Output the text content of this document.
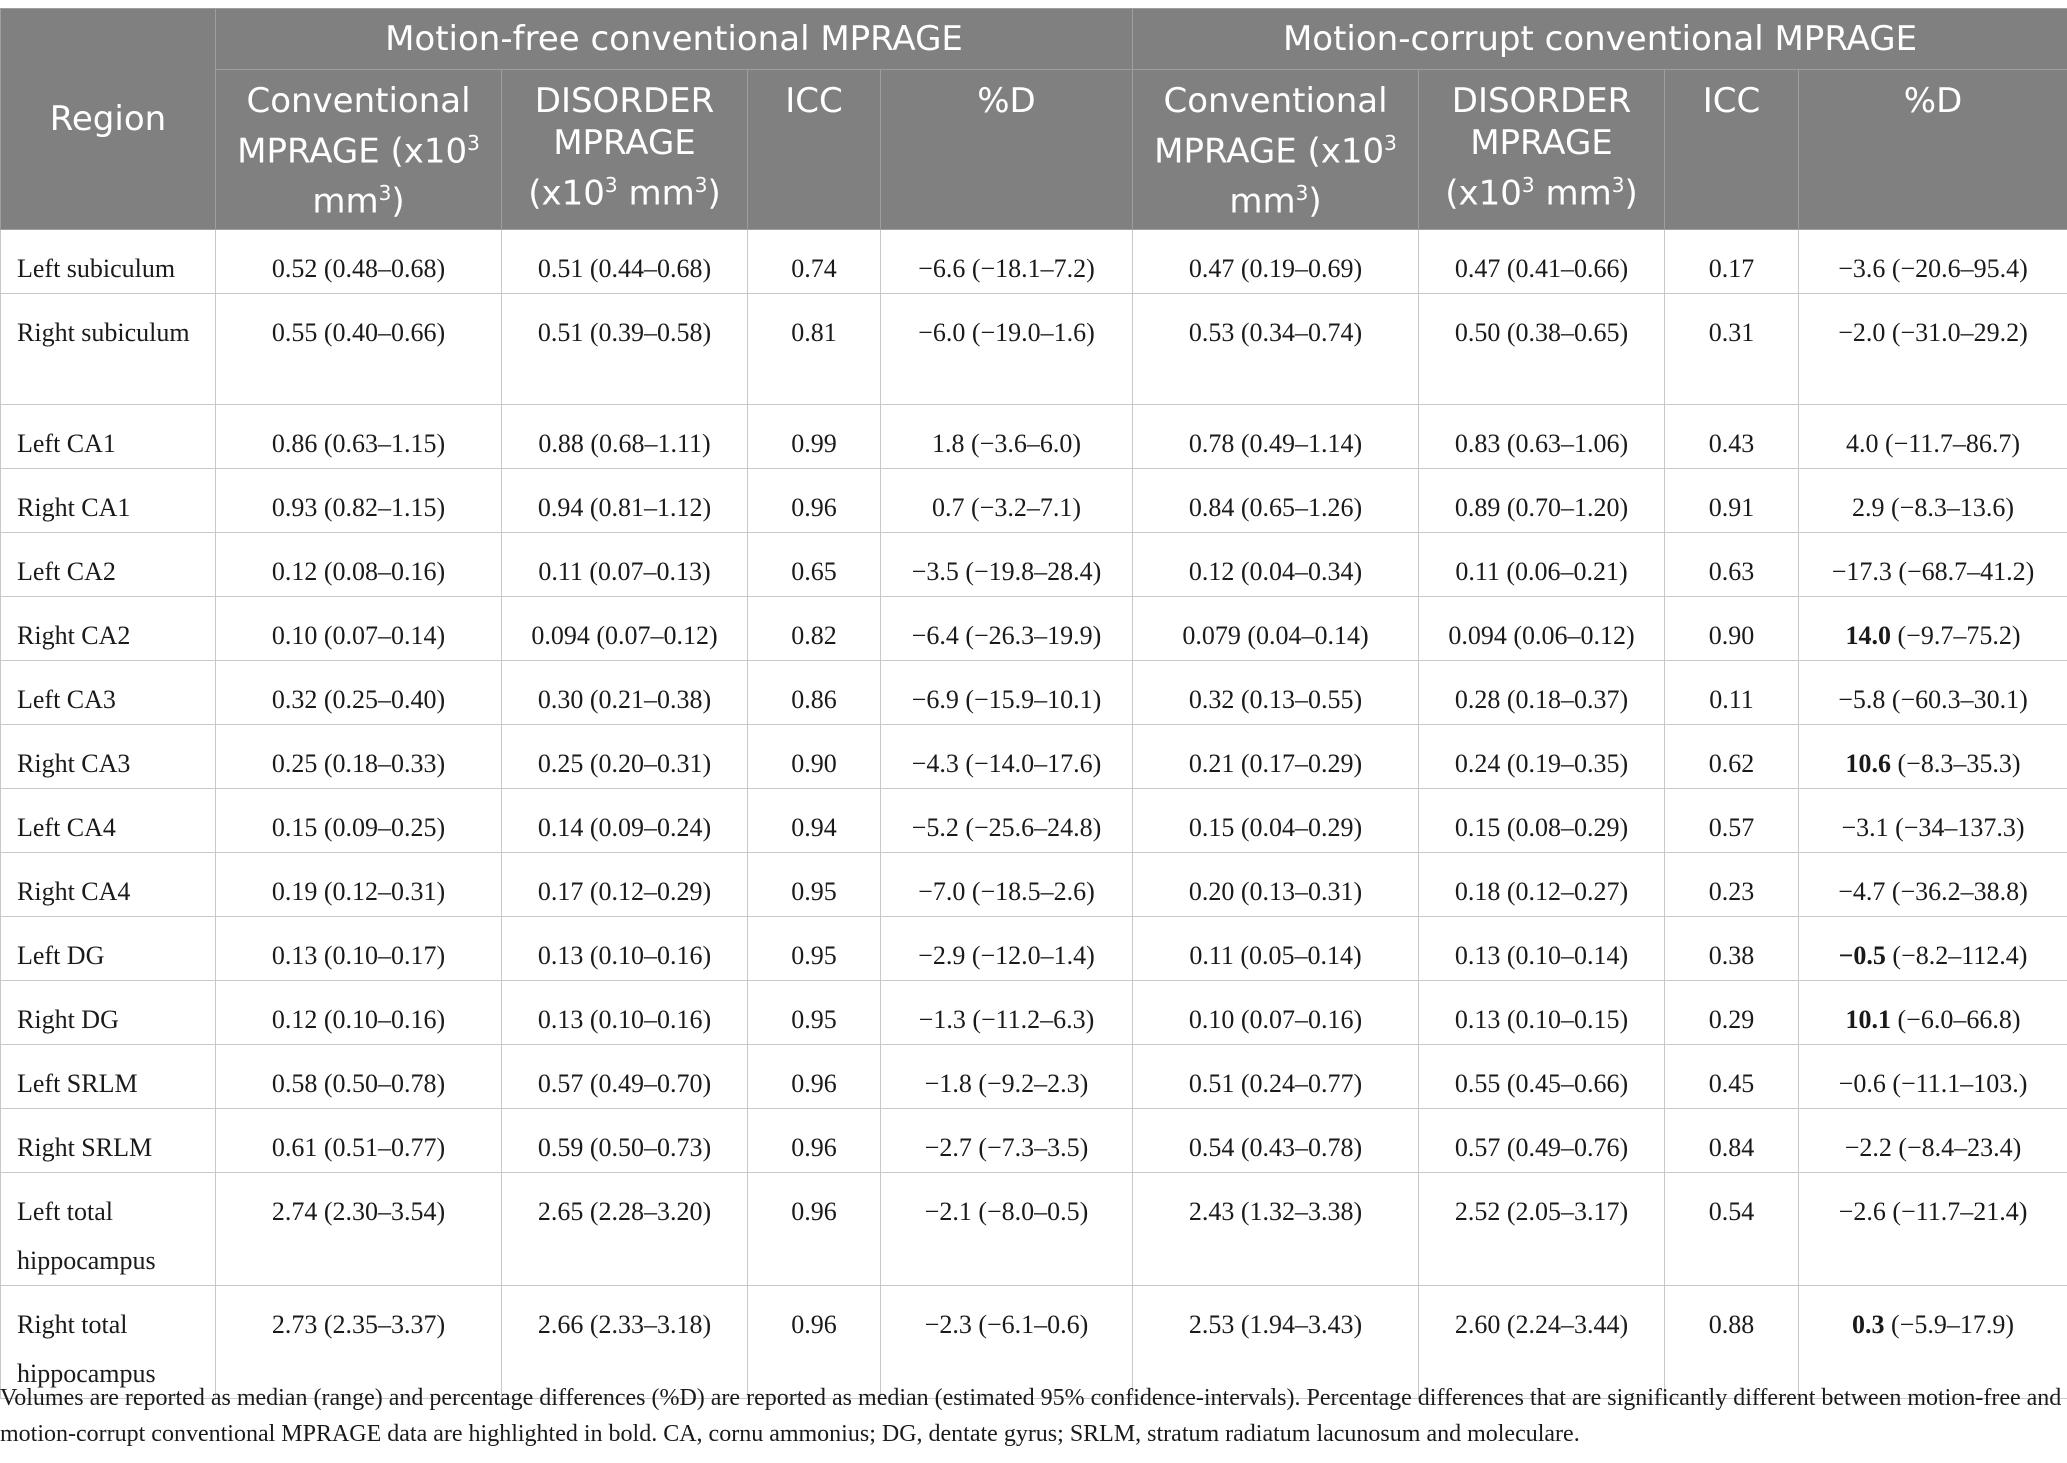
Region	Motion-free conventional MPRAGE				Motion-corrupt conventional MPRAGE			
	Conventional
MPRAGE ($x10^3$
$mm^3$)	DISORDER
MPRAGE
($x10^3$ $mm^3$)	ICC	%D	Conventional
MPRAGE ($x10^3$
$mm^3$)	DISORDER
MPRAGE
($x10^3$ $mm^3$)	ICC	%D
Left subiculum	0.52 (0.48–0.68)	0.51 (0.44–0.68)	0.74	−6.6 (−18.1–7.2)	0.47 (0.19–0.69)	0.47 (0.41–0.66)	0.17	−3.6 (−20.6–95.4)
Right subiculum	0.55 (0.40–0.66)	0.51 (0.39–0.58)	0.81	−6.0 (−19.0–1.6)	0.53 (0.34–0.74)	0.50 (0.38–0.65)	0.31	−2.0 (−31.0–29.2)
Left CA1	0.86 (0.63–1.15)	0.88 (0.68–1.11)	0.99	1.8 (−3.6–6.0)	0.78 (0.49–1.14)	0.83 (0.63–1.06)	0.43	4.0 (−11.7–86.7)
Right CA1	0.93 (0.82–1.15)	0.94 (0.81–1.12)	0.96	0.7 (−3.2–7.1)	0.84 (0.65–1.26)	0.89 (0.70–1.20)	0.91	2.9 (−8.3–13.6)
Left CA2	0.12 (0.08–0.16)	0.11 (0.07–0.13)	0.65	−3.5 (−19.8–28.4)	0.12 (0.04–0.34)	0.11 (0.06–0.21)	0.63	−17.3 (−68.7–41.2)
Right CA2	0.10 (0.07–0.14)	0.094 (0.07–0.12)	0.82	−6.4 (−26.3–19.9)	0.079 (0.04–0.14)	0.094 (0.06–0.12)	0.90	14.0 (−9.7–75.2)
Left CA3	0.32 (0.25–0.40)	0.30 (0.21–0.38)	0.86	−6.9 (−15.9–10.1)	0.32 (0.13–0.55)	0.28 (0.18–0.37)	0.11	−5.8 (−60.3–30.1)
Right CA3	0.25 (0.18–0.33)	0.25 (0.20–0.31)	0.90	−4.3 (−14.0–17.6)	0.21 (0.17–0.29)	0.24 (0.19–0.35)	0.62	10.6 (−8.3–35.3)
Left CA4	0.15 (0.09–0.25)	0.14 (0.09–0.24)	0.94	−5.2 (−25.6–24.8)	0.15 (0.04–0.29)	0.15 (0.08–0.29)	0.57	−3.1 (−34–137.3)
Right CA4	0.19 (0.12–0.31)	0.17 (0.12–0.29)	0.95	−7.0 (−18.5–2.6)	0.20 (0.13–0.31)	0.18 (0.12–0.27)	0.23	−4.7 (−36.2–38.8)
Left DG	0.13 (0.10–0.17)	0.13 (0.10–0.16)	0.95	−2.9 (−12.0–1.4)	0.11 (0.05–0.14)	0.13 (0.10–0.14)	0.38	−0.5 (−8.2–112.4)
Right DG	0.12 (0.10–0.16)	0.13 (0.10–0.16)	0.95	−1.3 (−11.2–6.3)	0.10 (0.07–0.16)	0.13 (0.10–0.15)	0.29	10.1 (−6.0–66.8)
Left SRLM	0.58 (0.50–0.78)	0.57 (0.49–0.70)	0.96	−1.8 (−9.2–2.3)	0.51 (0.24–0.77)	0.55 (0.45–0.66)	0.45	−0.6 (−11.1–103.)
Right SRLM	0.61 (0.51–0.77)	0.59 (0.50–0.73)	0.96	−2.7 (−7.3–3.5)	0.54 (0.43–0.78)	0.57 (0.49–0.76)	0.84	−2.2 (−8.4–23.4)
Left total hippocampus	2.74 (2.30–3.54)	2.65 (2.28–3.20)	0.96	−2.1 (−8.0–0.5)	2.43 (1.32–3.38)	2.52 (2.05–3.17)	0.54	−2.6 (−11.7–21.4)
Right total hippocampus	2.73 (2.35–3.37)	2.66 (2.33–3.18)	0.96	−2.3 (−6.1–0.6)	2.53 (1.94–3.43)	2.60 (2.24–3.44)	0.88	0.3 (−5.9–17.9)
Volumes are reported as median (range) and percentage differences (%D) are reported as median (estimated 95% confidence-intervals). Percentage differences that are significantly different between motion-free and motion-corrupt conventional MPRAGE data are highlighted in bold. CA, cornu ammonius; DG, dentate gyrus; SRLM, stratum radiatum lacunosum and moleculare.
